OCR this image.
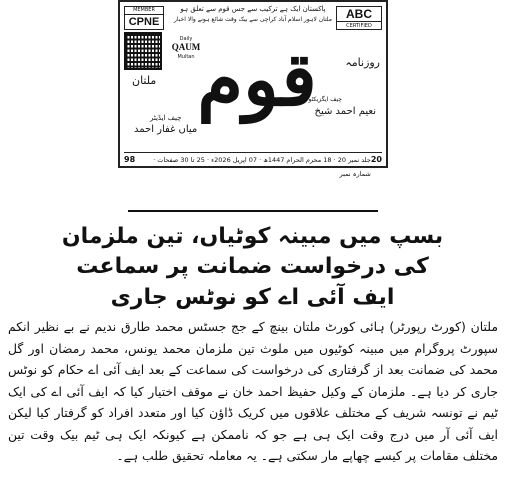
پاکستان ایک ہے ترکیب سے جس قوم سے تعلق ہو
ملتان لاہور اسلام آباد کراچی سے بیک وقت شائع ہونے والا اخبار
MEMBER
CPNE
ABC
CERTIFIED
Daily
QAUM
Multan	روزنامہ
قوم
ملتان
چیف ایگزیکٹو
نعیم احمد شیخ
چیف ایڈیٹر
میاں غفار احمد
20
جلد نمبر 20 · 18 محرم الحرام 1447ھ · 07 اپریل 2026ء · 25 تا 30 صفحات · شمارہ نمبر
98
بسپ میں مبینہ کوٹیاں، تین ملزمان
کی درخواست ضمانت پر سماعت
ایف آئی اے کو نوٹس جاری

ملتان (کورٹ رپورٹر) ہائی کورٹ ملتان بینچ کے جج جسٹس محمد طارق ندیم نے بے نظیر انکم سپورٹ پروگرام میں مبینہ کوٹیوں میں ملوث تین ملزمان محمد یونس، محمد رمضان اور گل محمد کی ضمانت بعد از گرفتاری کی درخواست کی سماعت کے بعد ایف آئی اے حکام کو نوٹس جاری کر دیا ہے۔ ملزمان کے وکیل حفیظ احمد خان نے موقف اختیار کیا کہ ایف آئی اے کی ایک ٹیم نے تونسہ شریف کے مختلف علاقوں میں کریک ڈاؤن کیا اور متعدد افراد کو گرفتار کیا لیکن ایف آئی آر میں درج وقت ایک ہی ہے جو کہ ناممکن ہے کیونکہ ایک ہی ٹیم بیک وقت تین مختلف مقامات پر کیسے چھاپے مار سکتی ہے۔ یہ معاملہ تحقیق طلب ہے۔
